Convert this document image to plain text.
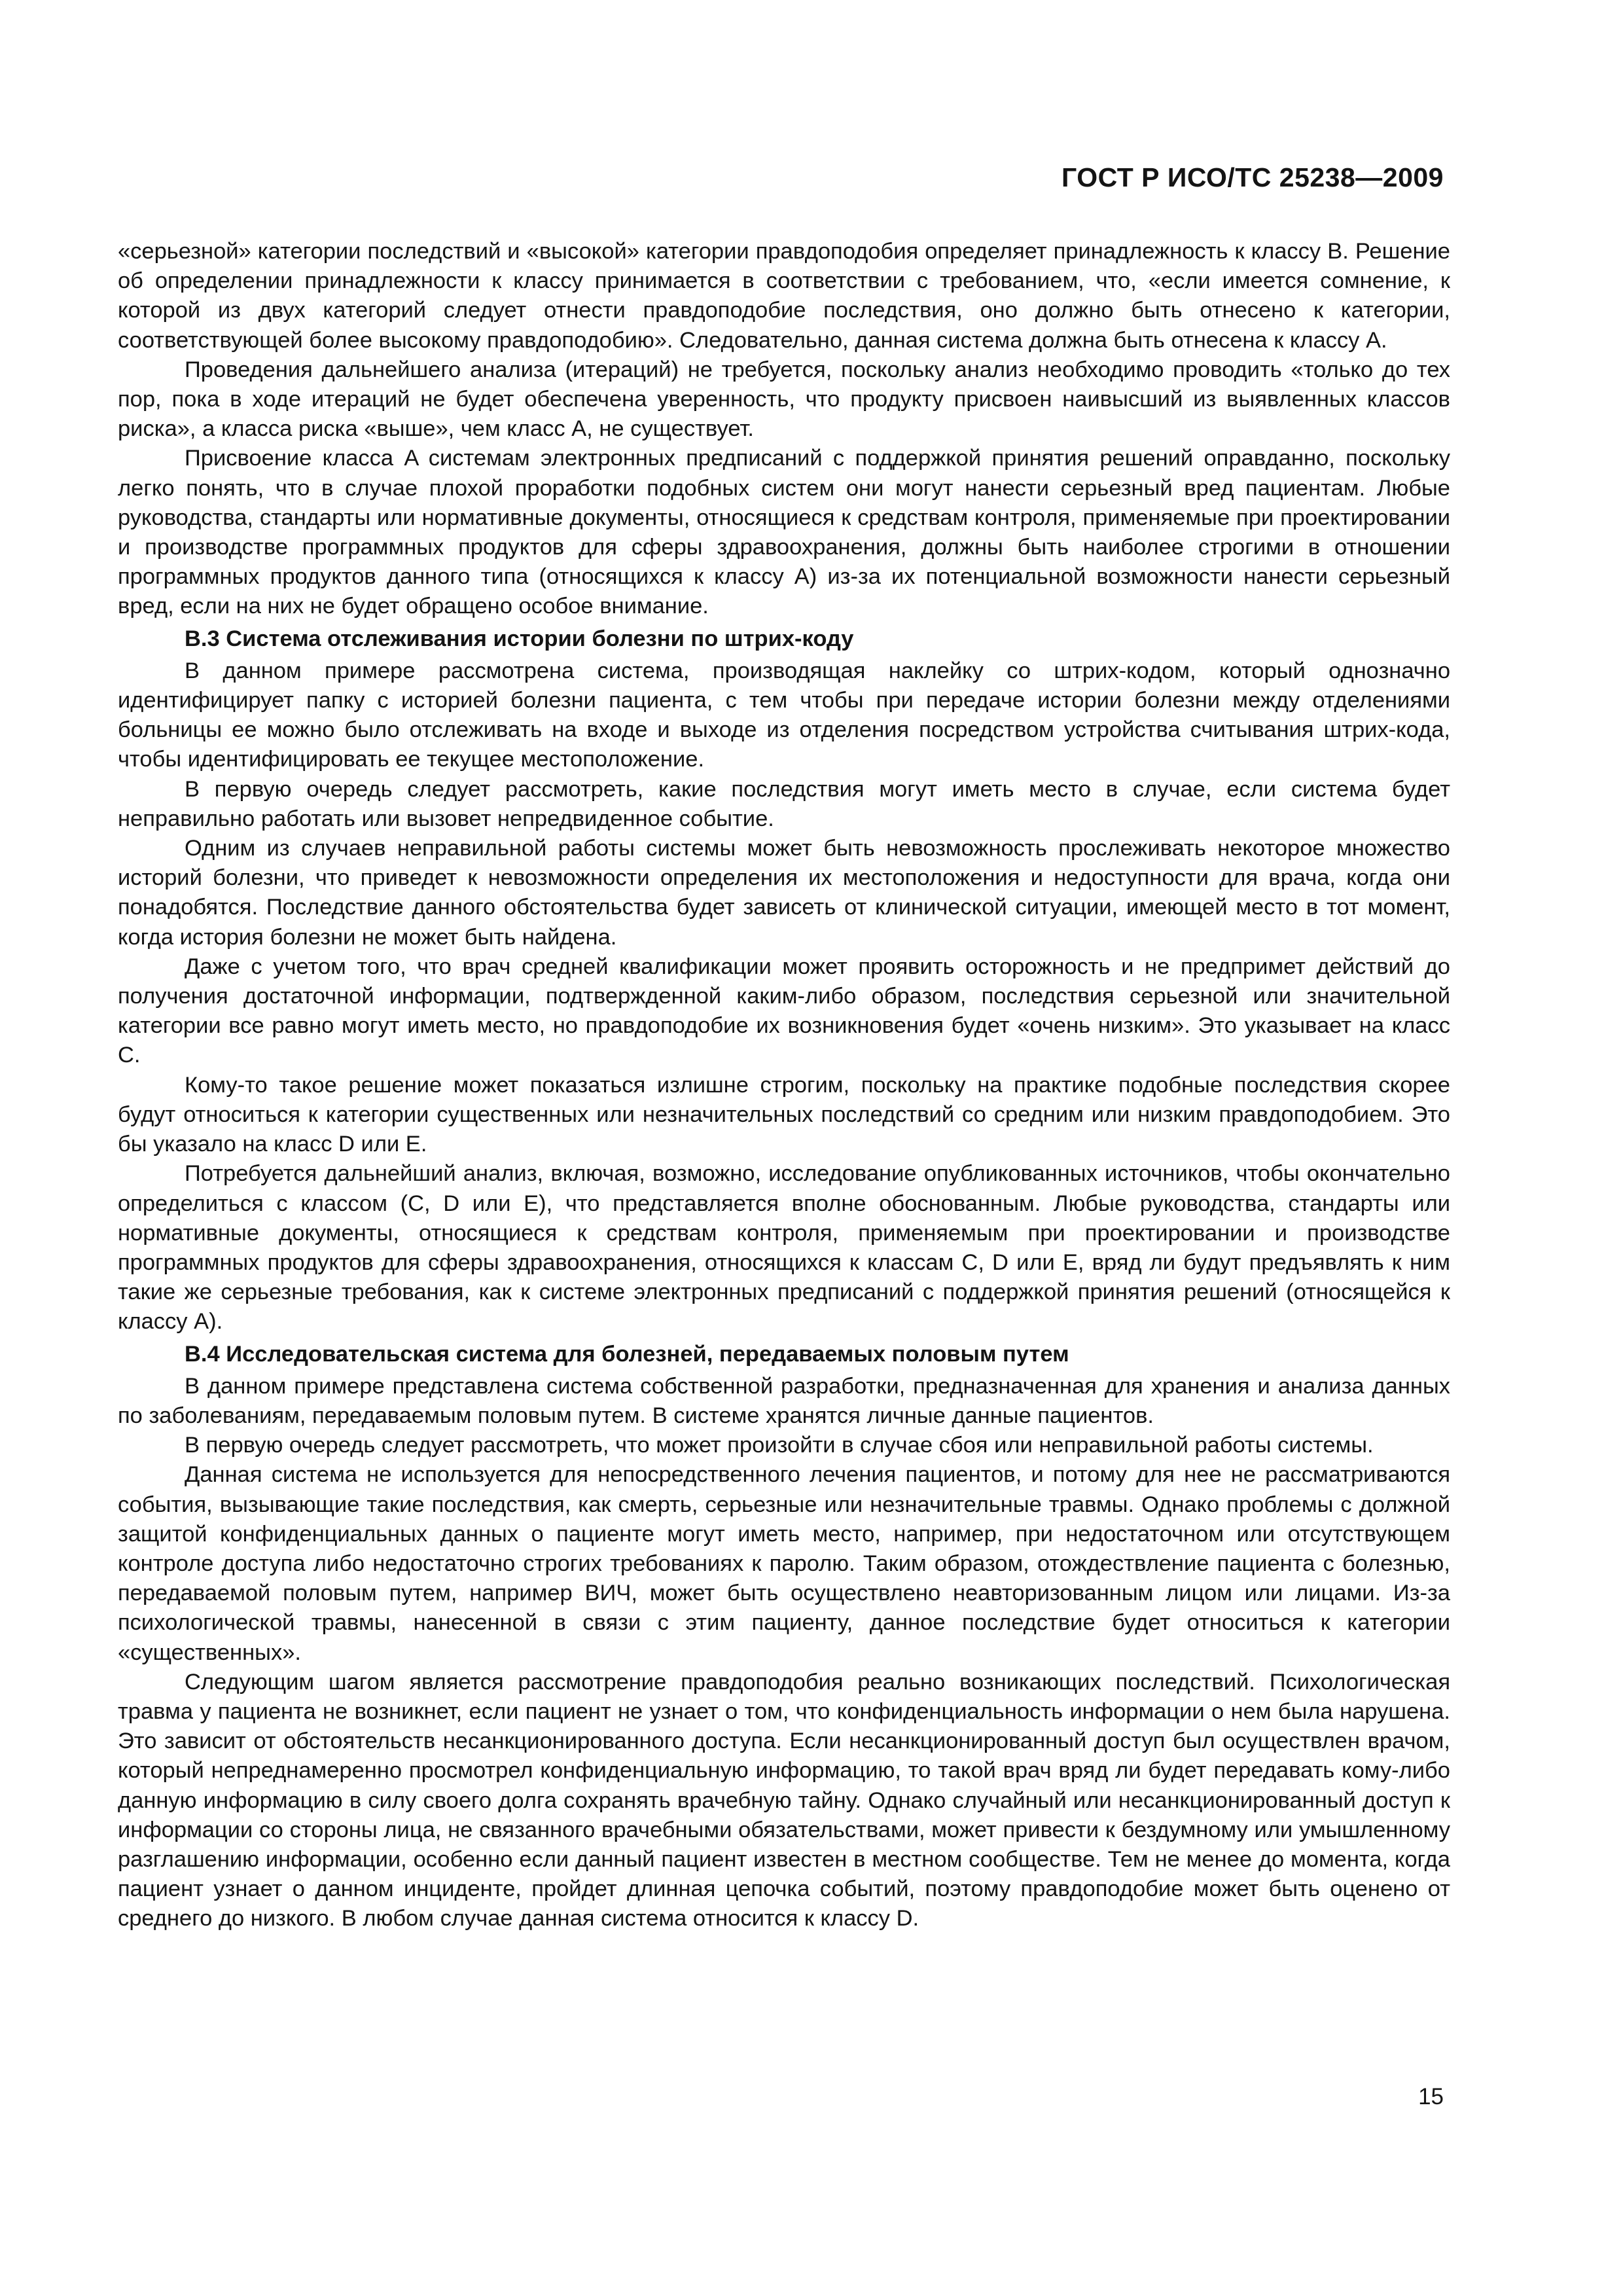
ГОСТ Р ИСО/ТС 25238—2009

«серьезной» категории последствий и «высокой» категории правдоподобия определяет принадлежность к классу B. Решение об определении принадлежности к классу принимается в соответствии с требованием, что, «если имеется сомнение, к которой из двух категорий следует отнести правдоподобие последствия, оно должно быть отнесено к категории, соответствующей более высокому правдоподобию». Следовательно, данная система должна быть отнесена к классу A.

Проведения дальнейшего анализа (итераций) не требуется, поскольку анализ необходимо проводить «только до тех пор, пока в ходе итераций не будет обеспечена уверенность, что продукту присвоен наивысший из выявленных классов риска», а класса риска «выше», чем класс А, не существует.

Присвоение класса A системам электронных предписаний с поддержкой принятия решений оправданно, поскольку легко понять, что в случае плохой проработки подобных систем они могут нанести серьезный вред пациентам. Любые руководства, стандарты или нормативные документы, относящиеся к средствам контроля, применяемые при проектировании и производстве программных продуктов для сферы здравоохранения, должны быть наиболее строгими в отношении программных продуктов данного типа (относящихся к классу A) из-за их потенциальной возможности нанести серьезный вред, если на них не будет обращено особое внимание.

В.3 Система отслеживания истории болезни по штрих-коду

В данном примере рассмотрена система, производящая наклейку со штрих-кодом, который однозначно идентифицирует папку с историей болезни пациента, с тем чтобы при передаче истории болезни между отделениями больницы ее можно было отслеживать на входе и выходе из отделения посредством устройства считывания штрих-кода, чтобы идентифицировать ее текущее местоположение.

В первую очередь следует рассмотреть, какие последствия могут иметь место в случае, если система будет неправильно работать или вызовет непредвиденное событие.

Одним из случаев неправильной работы системы может быть невозможность прослеживать некоторое множество историй болезни, что приведет к невозможности определения их местоположения и недоступности для врача, когда они понадобятся. Последствие данного обстоятельства будет зависеть от клинической ситуации, имеющей место в тот момент, когда история болезни не может быть найдена.

Даже с учетом того, что врач средней квалификации может проявить осторожность и не предпримет действий до получения достаточной информации, подтвержденной каким-либо образом, последствия серьезной или значительной категории все равно могут иметь место, но правдоподобие их возникновения будет «очень низким». Это указывает на класс C.

Кому-то такое решение может показаться излишне строгим, поскольку на практике подобные последствия скорее будут относиться к категории существенных или незначительных последствий со средним или низким правдоподобием. Это бы указало на класс D или E.

Потребуется дальнейший анализ, включая, возможно, исследование опубликованных источников, чтобы окончательно определиться с классом (C, D или E), что представляется вполне обоснованным. Любые руководства, стандарты или нормативные документы, относящиеся к средствам контроля, применяемым при проектировании и производстве программных продуктов для сферы здравоохранения, относящихся к классам C, D или E, вряд ли будут предъявлять к ним такие же серьезные требования, как к системе электронных предписаний с поддержкой принятия решений (относящейся к классу A).

В.4 Исследовательская система для болезней, передаваемых половым путем

В данном примере представлена система собственной разработки, предназначенная для хранения и анализа данных по заболеваниям, передаваемым половым путем. В системе хранятся личные данные пациентов.

В первую очередь следует рассмотреть, что может произойти в случае сбоя или неправильной работы системы.

Данная система не используется для непосредственного лечения пациентов, и потому для нее не рассматриваются события, вызывающие такие последствия, как смерть, серьезные или незначительные травмы. Однако проблемы с должной защитой конфиденциальных данных о пациенте могут иметь место, например, при недостаточном или отсутствующем контроле доступа либо недостаточно строгих требованиях к паролю. Таким образом, отождествление пациента с болезнью, передаваемой половым путем, например ВИЧ, может быть осуществлено неавторизованным лицом или лицами. Из-за психологической травмы, нанесенной в связи с этим пациенту, данное последствие будет относиться к категории «существенных».

Следующим шагом является рассмотрение правдоподобия реально возникающих последствий. Психологическая травма у пациента не возникнет, если пациент не узнает о том, что конфиденциальность информации о нем была нарушена. Это зависит от обстоятельств несанкционированного доступа. Если несанкционированный доступ был осуществлен врачом, который непреднамеренно просмотрел конфиденциальную информацию, то такой врач вряд ли будет передавать кому-либо данную информацию в силу своего долга сохранять врачебную тайну. Однако случайный или несанкционированный доступ к информации со стороны лица, не связанного врачебными обязательствами, может привести к бездумному или умышленному разглашению информации, особенно если данный пациент известен в местном сообществе. Тем не менее до момента, когда пациент узнает о данном инциденте, пройдет длинная цепочка событий, поэтому правдоподобие может быть оценено от среднего до низкого. В любом случае данная система относится к классу D.

15
